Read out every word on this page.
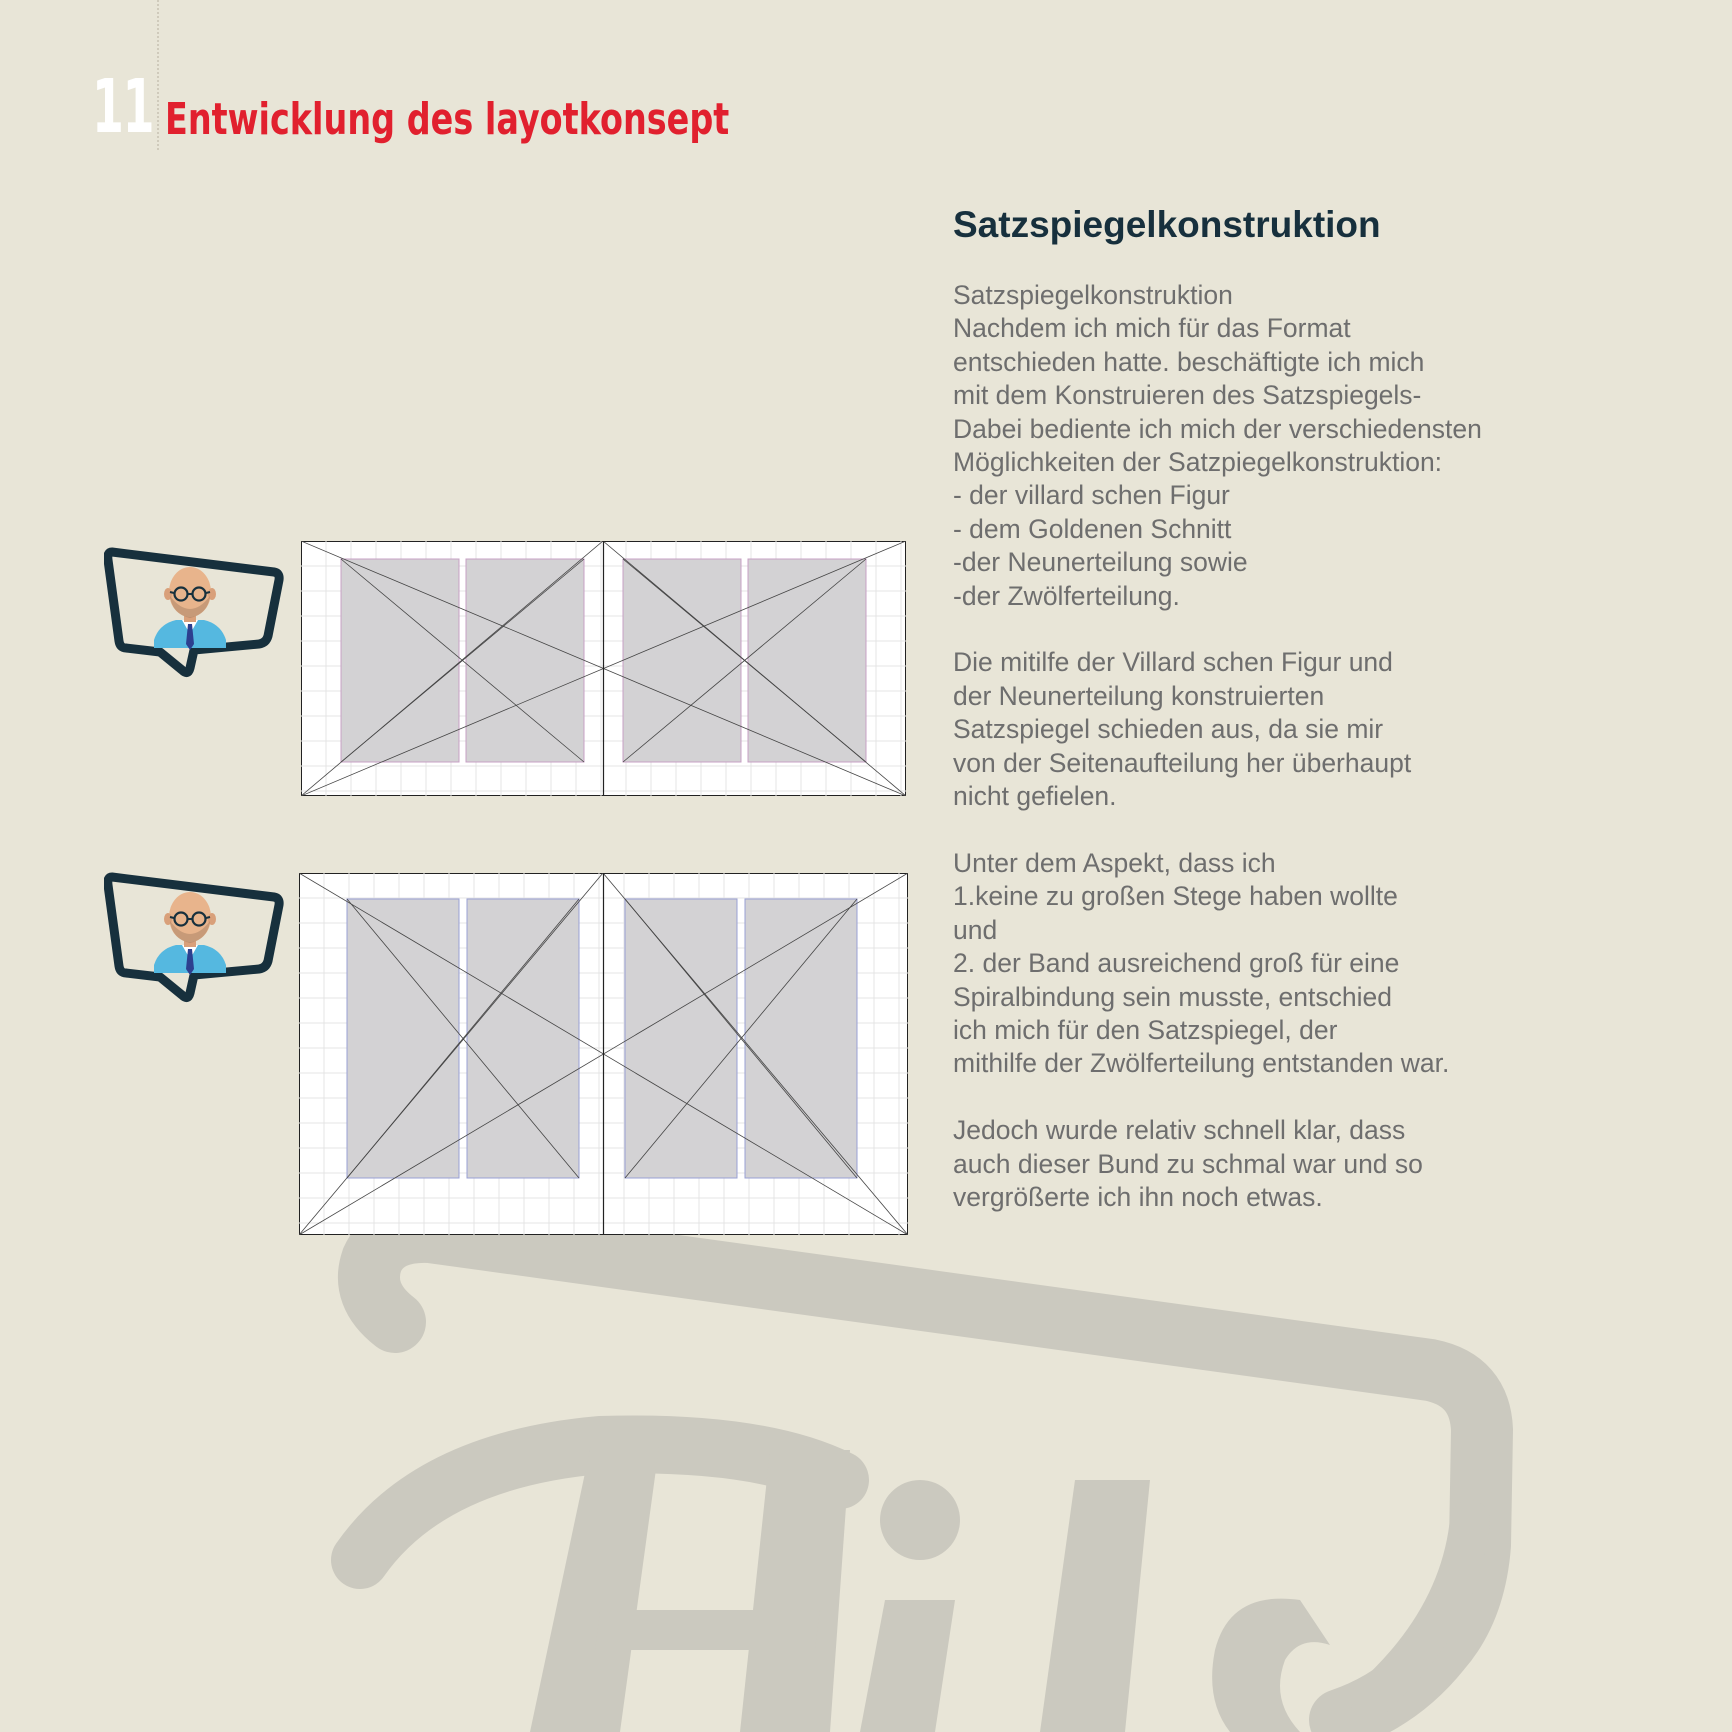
11 Entwicklung des layotkonsept
Satzspiegelkonstruktion
Satzspiegelkonstruktion
Nachdem ich mich für das Format
entschieden hatte. beschäftigte ich mich
mit dem Konstruieren des Satzspiegels-
Dabei bediente ich mich der verschiedensten
Möglichkeiten der Satzpiegelkonstruktion:
- der villard schen Figur
- dem Goldenen Schnitt
-der Neunerteilung sowie
-der Zwölferteilung.
Die mitilfe der Villard schen Figur und
der Neunerteilung konstruierten
Satzspiegel schieden aus, da sie mir
von der Seitenaufteilung her überhaupt
nicht gefielen.
Unter dem Aspekt, dass ich
1.keine zu großen Stege haben wollte
und
2. der Band ausreichend groß für eine
Spiralbindung sein musste, entschied
ich mich für den Satzspiegel, der
mithilfe der Zwölferteilung entstanden war.
Jedoch wurde relativ schnell klar, dass
auch dieser Bund zu schmal war und so
vergrößerte ich ihn noch etwas.
